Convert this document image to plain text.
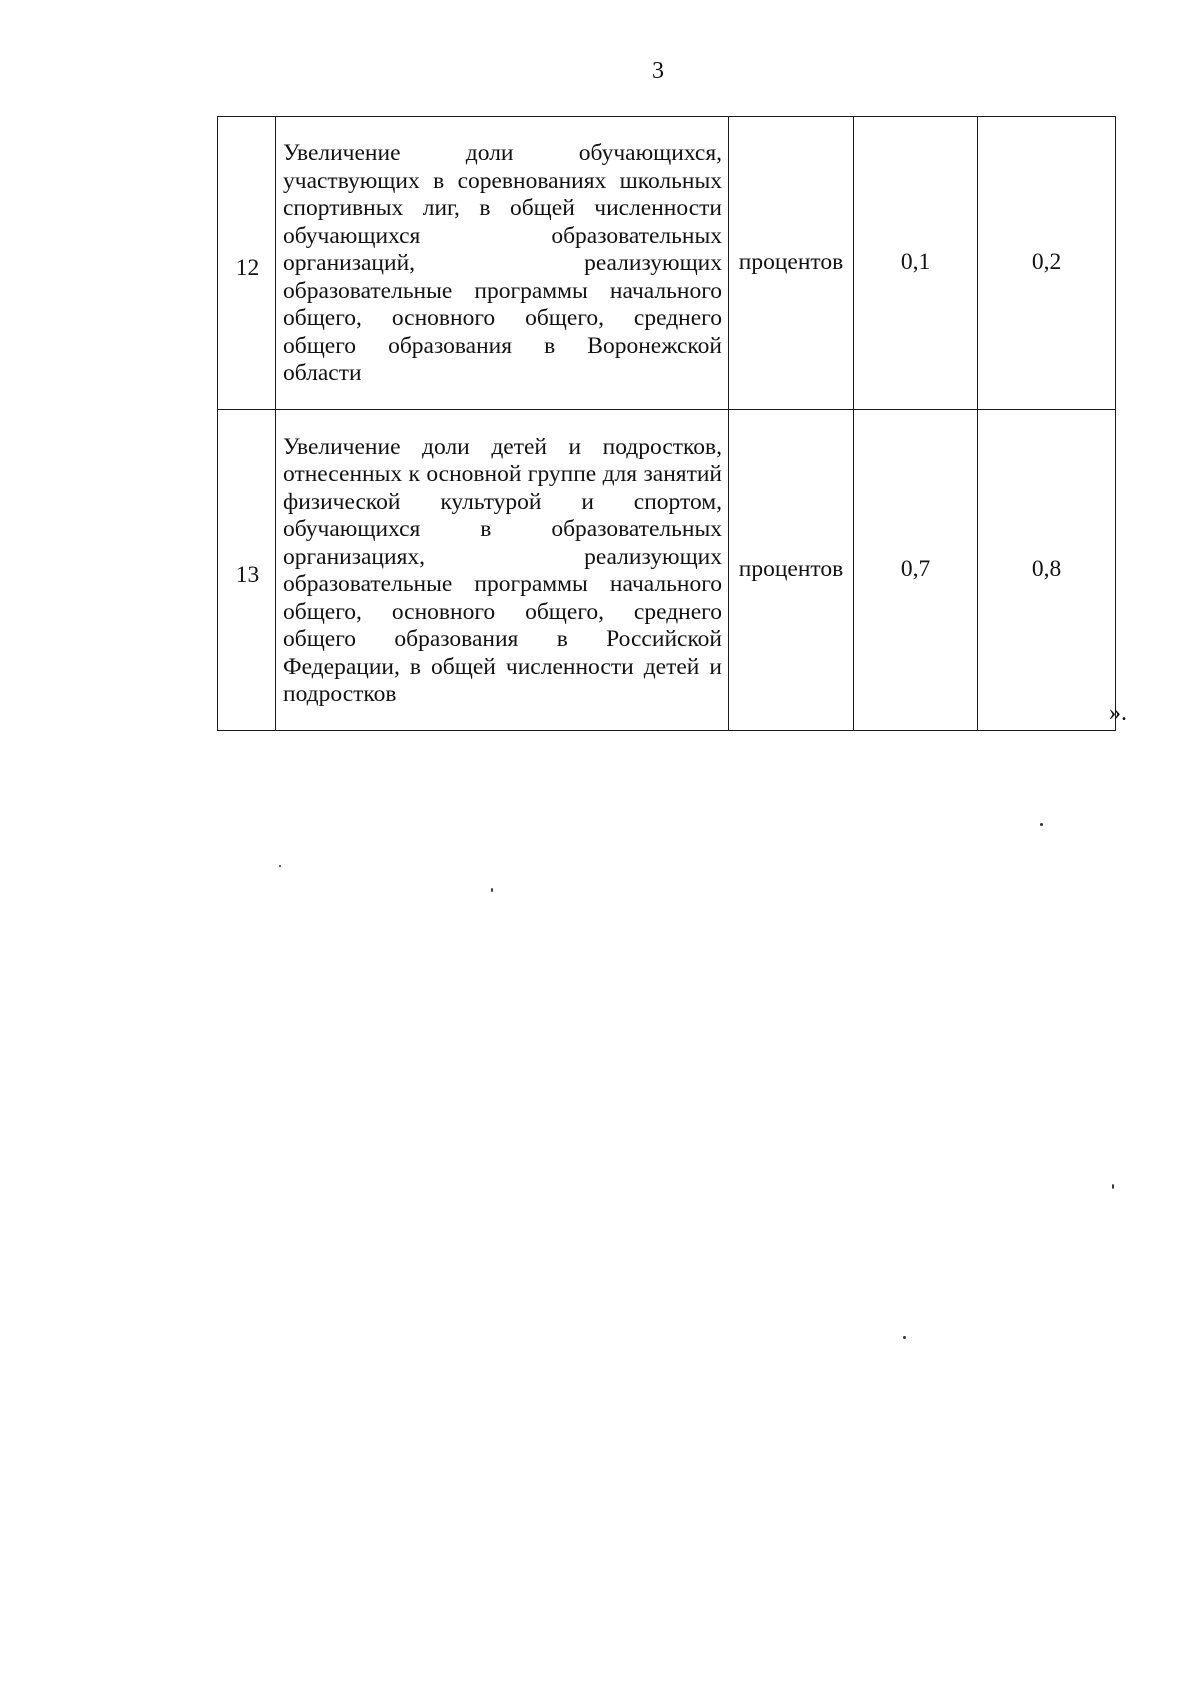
3
12	Увеличение доли обучающихся, участвующих в соревнованиях школьных спортивных лиг, в общей численности обучающихся образовательных организаций, реализующих образовательные программы начального общего, основного общего, среднего общего образования в Воронежской области	процентов	0,1	0,2
13	Увеличение доли детей и подростков, отнесенных к основной группе для занятий физической культурой и спортом, обучающихся в образовательных организациях, реализующих образовательные программы начального общего, основного общего, среднего общего образования в Российской Федерации, в общей численности детей и подростков	процентов	0,7	0,8
».
